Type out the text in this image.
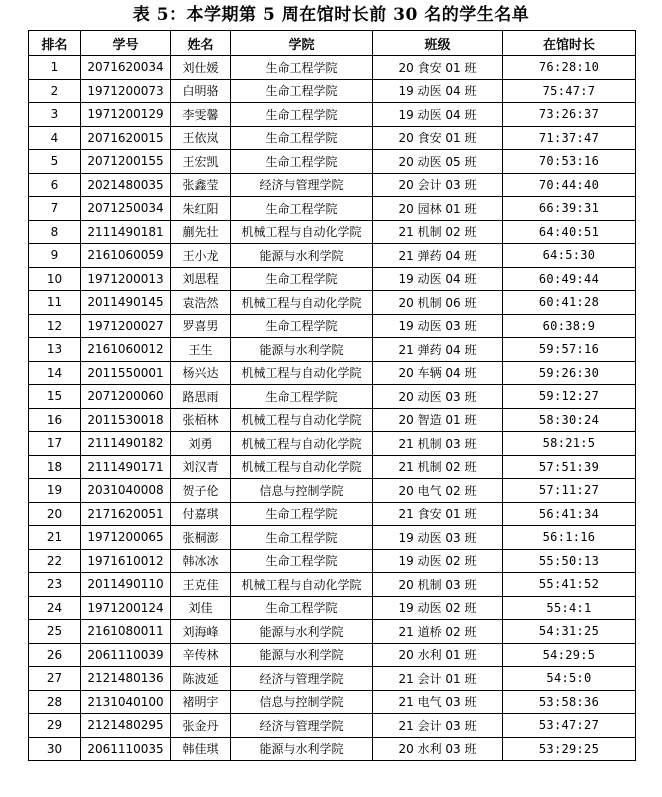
表 5：本学期第 5 周在馆时长前 30 名的学生名单
排名	学号	姓名	学院	班级	在馆时长
1	2071620034	刘仕媛	生命工程学院	20 食安 01 班	76:28:10
2	1971200073	白明骆	生命工程学院	19 动医 04 班	75:47:7
3	1971200129	李雯馨	生命工程学院	19 动医 04 班	73:26:37
4	2071620015	王依岚	生命工程学院	20 食安 01 班	71:37:47
5	2071200155	王宏凯	生命工程学院	20 动医 05 班	70:53:16
6	2021480035	张鑫莹	经济与管理学院	20 会计 03 班	70:44:40
7	2071250034	朱红阳	生命工程学院	20 园林 01 班	66:39:31
8	2111490181	蒯先壮	机械工程与自动化学院	21 机制 02 班	64:40:51
9	2161060059	王小龙	能源与水利学院	21 弹药 04 班	64:5:30
10	1971200013	刘思程	生命工程学院	19 动医 04 班	60:49:44
11	2011490145	袁浩然	机械工程与自动化学院	20 机制 06 班	60:41:28
12	1971200027	罗喜男	生命工程学院	19 动医 03 班	60:38:9
13	2161060012	王生	能源与水利学院	21 弹药 04 班	59:57:16
14	2011550001	杨兴达	机械工程与自动化学院	20 车辆 04 班	59:26:30
15	2071200060	路思雨	生命工程学院	20 动医 03 班	59:12:27
16	2011530018	张栢林	机械工程与自动化学院	20 智造 01 班	58:30:24
17	2111490182	刘勇	机械工程与自动化学院	21 机制 03 班	58:21:5
18	2111490171	刘汉青	机械工程与自动化学院	21 机制 02 班	57:51:39
19	2031040008	贺子伦	信息与控制学院	20 电气 02 班	57:11:27
20	2171620051	付嘉琪	生命工程学院	21 食安 01 班	56:41:34
21	1971200065	张桐澎	生命工程学院	19 动医 03 班	56:1:16
22	1971610012	韩冰冰	生命工程学院	19 动医 02 班	55:50:13
23	2011490110	王克佳	机械工程与自动化学院	20 机制 03 班	55:41:52
24	1971200124	刘佳	生命工程学院	19 动医 02 班	55:4:1
25	2161080011	刘海峰	能源与水利学院	21 道桥 02 班	54:31:25
26	2061110039	辛传林	能源与水利学院	20 水利 01 班	54:29:5
27	2121480136	陈波延	经济与管理学院	21 会计 01 班	54:5:0
28	2131040100	褚明宇	信息与控制学院	21 电气 03 班	53:58:36
29	2121480295	张金丹	经济与管理学院	21 会计 03 班	53:47:27
30	2061110035	韩佳琪	能源与水利学院	20 水利 03 班	53:29:25
